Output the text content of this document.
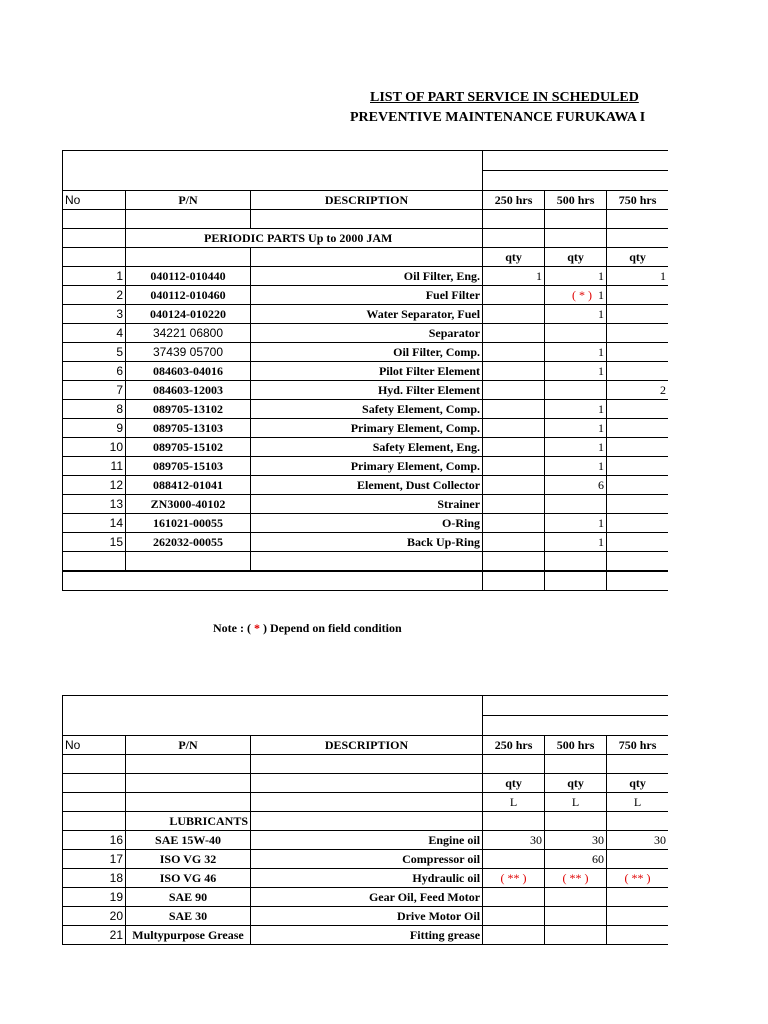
LIST OF PART SERVICE IN SCHEDULED
PREVENTIVE MAINTENANCE FURUKAWA I

No	P/N	DESCRIPTION	250 hrs	500 hrs	750 hrs	

	PERIODIC PARTS Up to 2000 JAM					
			qty	qty	qty	
1	040112-010440	Oil Filter, Eng.	1	1	1	
2	040112-010460	Fuel Filter		( * ) 1		
3	040124-010220	Water Separator, Fuel		1		
4	34221 06800	Separator				
5	37439 05700	Oil Filter, Comp.		1		
6	084603-04016	Pilot Filter Element		1		
7	084603-12003	Hyd. Filter Element			2	
8	089705-13102	Safety Element, Comp.		1		
9	089705-13103	Primary Element, Comp.		1		
10	089705-15102	Safety Element, Eng.		1		
11	089705-15103	Primary Element, Comp.		1		
12	088412-01041	Element, Dust Collector		6		
13	ZN3000-40102	Strainer				
14	161021-00055	O-Ring		1		
15	262032-00055	Back Up-Ring		1		

Note : ( * ) Depend on field condition

No	P/N	DESCRIPTION	250 hrs	500 hrs	750 hrs	

			qty	qty	qty	
			L	L	L	
	LUBRICANTS					
16	SAE 15W-40	Engine oil	30	30	30	
17	ISO VG 32	Compressor oil		60		
18	ISO VG 46	Hydraulic oil	( ** )	( ** )	( ** )	
19	SAE 90	Gear Oil, Feed Motor				
20	SAE 30	Drive Motor Oil				
21	Multypurpose Grease	Fitting grease				
